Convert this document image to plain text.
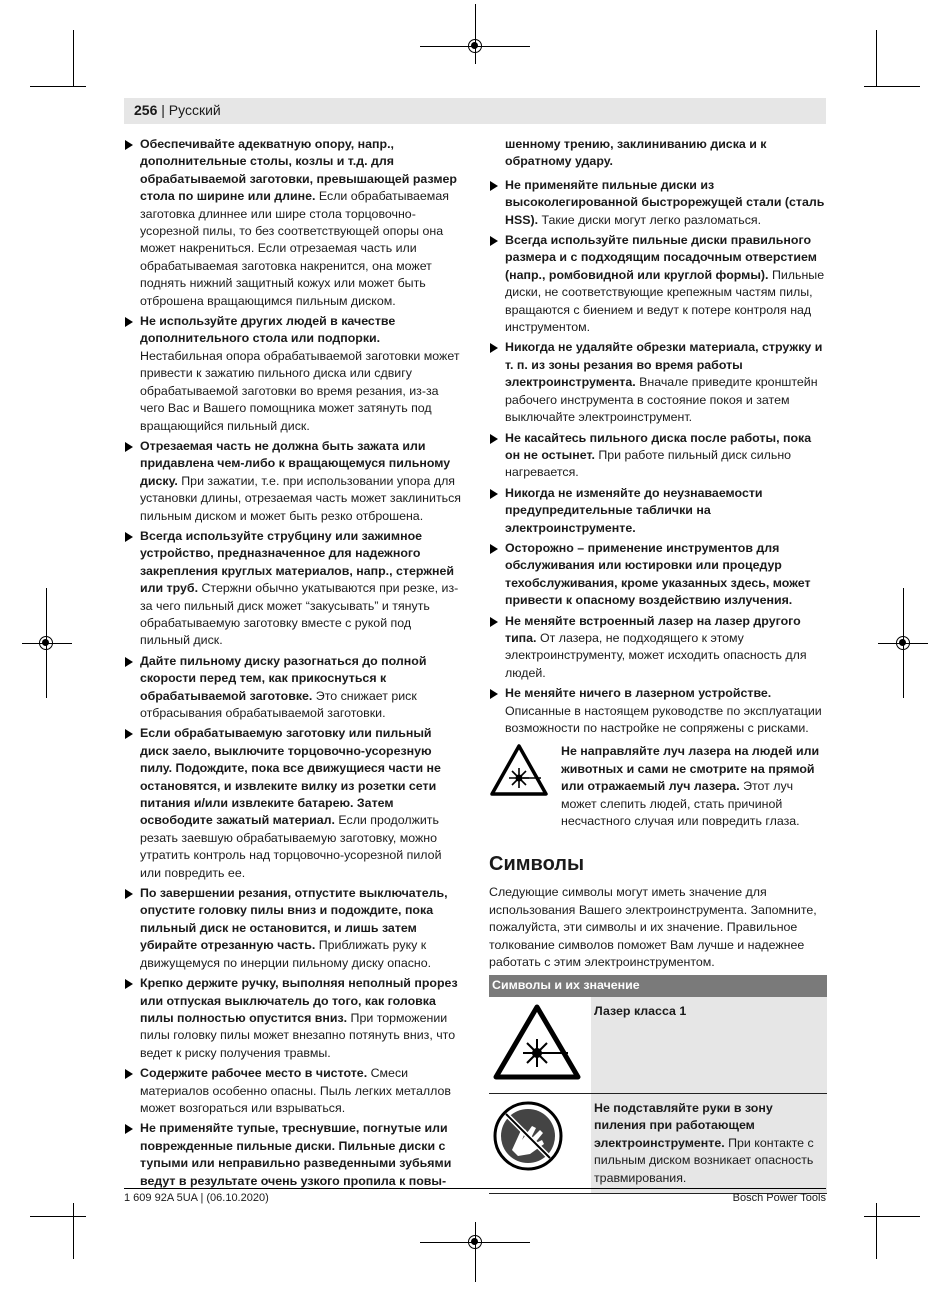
256 | Русский
Обеспечивайте адекватную опору, напр., дополнительные столы, козлы и т.д. для обрабатываемой заготовки, превышающей размер стола по ширине или длине. Если обрабатываемая заготовка длиннее или шире стола торцовочно-усорезной пилы, то без соответствующей опоры она может накрениться. Если отрезаемая часть или обрабатываемая заготовка накренится, она может поднять нижний защитный кожух или может быть отброшена вращающимся пильным диском.
Не используйте других людей в качестве дополнительного стола или подпорки. Нестабильная опора обрабатываемой заготовки может привести к зажатию пильного диска или сдвигу обрабатываемой заготовки во время резания, из-за чего Вас и Вашего помощника может затянуть под вращающийся пильный диск.
Отрезаемая часть не должна быть зажата или придавлена чем-либо к вращающемуся пильному диску. При зажатии, т.е. при использовании упора для установки длины, отрезаемая часть может заклиниться пильным диском и может быть резко отброшена.
Всегда используйте струбцину или зажимное устройство, предназначенное для надежного закрепления круглых материалов, напр., стержней или труб. Стержни обычно укатываются при резке, из-за чего пильный диск может “закусывать” и тянуть обрабатываемую заготовку вместе с рукой под пильный диск.
Дайте пильному диску разогнаться до полной скорости перед тем, как прикоснуться к обрабатываемой заготовке. Это снижает риск отбрасывания обрабатываемой заготовки.
Если обрабатываемую заготовку или пильный диск заело, выключите торцовочно-усорезную пилу. Подождите, пока все движущиеся части не остановятся, и извлеките вилку из розетки сети питания и/или извлеките батарею. Затем освободите зажатый материал. Если продолжить резать заевшую обрабатываемую заготовку, можно утратить контроль над торцовочно-усорезной пилой или повредить ее.
По завершении резания, отпустите выключатель, опустите головку пилы вниз и подождите, пока пильный диск не остановится, и лишь затем убирайте отрезанную часть. Приближать руку к движущемуся по инерции пильному диску опасно.
Крепко держите ручку, выполняя неполный прорез или отпуская выключатель до того, как головка пилы полностью опустится вниз. При торможении пилы головку пилы может внезапно потянуть вниз, что ведет к риску получения травмы.
Содержите рабочее место в чистоте. Смеси материалов особенно опасны. Пыль легких металлов может возгораться или взрываться.
Не применяйте тупые, треснувшие, погнутые или поврежденные пильные диски. Пильные диски с тупыми или неправильно разведенными зубьями ведут в результате очень узкого пропила к повы-
шенному трению, заклиниванию диска и к обратному удару.
Не применяйте пильные диски из высоколегированной быстрорежущей стали (сталь HSS). Такие диски могут легко разломаться.
Всегда используйте пильные диски правильного размера и с подходящим посадочным отверстием (напр., ромбовидной или круглой формы). Пильные диски, не соответствующие крепежным частям пилы, вращаются с биением и ведут к потере контроля над инструментом.
Никогда не удаляйте обрезки материала, стружку и т. п. из зоны резания во время работы электроинструмента. Вначале приведите кронштейн рабочего инструмента в состояние покоя и затем выключайте электроинструмент.
Не касайтесь пильного диска после работы, пока он не остынет. При работе пильный диск сильно нагревается.
Никогда не изменяйте до неузнаваемости предупредительные таблички на электроинструменте.
Осторожно – применение инструментов для обслуживания или юстировки или процедур техобслуживания, кроме указанных здесь, может привести к опасному воздействию излучения.
Не меняйте встроенный лазер на лазер другого типа. От лазера, не подходящего к этому электроинструменту, может исходить опасность для людей.
Не меняйте ничего в лазерном устройстве. Описанные в настоящем руководстве по эксплуатации возможности по настройке не сопряжены с рисками.
Не направляйте луч лазера на людей или животных и сами не смотрите на прямой или отражаемый луч лазера. Этот луч может слепить людей, стать причиной несчастного случая или повредить глаза.
Символы
Следующие символы могут иметь значение для использования Вашего электроинструмента. Запомните, пожалуйста, эти символы и их значение. Правильное толкование символов поможет Вам лучше и надежнее работать с этим электроинструментом.
Символы и их значение	
	Лазер класса 1
	Не подставляйте руки в зону пиления при работающем электроинструменте. При контакте с пильным диском возникает опасность травмирования.
1 609 92A 5UA | (06.10.2020)	Bosch Power Tools
